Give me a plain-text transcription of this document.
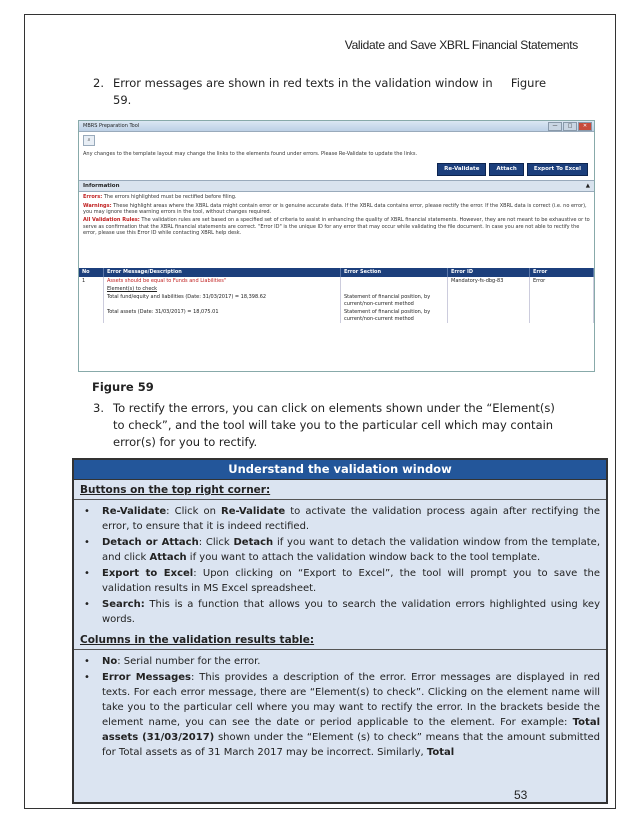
Validate and Save XBRL Financial Statements
2. Error messages are shown in red texts in the validation window in     Figure
59.
MBRS Preparation Tool	—	□	✕
⌕
Any changes to the template layout may change the links to the elements found under errors. Please Re-Validate to update the links.
Re-Validate	Attach	Export To Excel
Information	▲

Errors: The errors highlighted must be rectified before filing.

Warnings: These highlight areas where the XBRL data might contain error or is genuine accurate data. If the XBRL data contains error, please rectify the error. If the XBRL data is correct (i.e. no error), you may ignore these warning errors in the tool, without changes required.

All Validation Rules: The validation rules are set based on a specified set of criteria to assist in enhancing the quality of XBRL financial statements. However, they are not meant to be exhaustive or to serve as confirmation that the XBRL financial statements are correct. "Error ID" is the unique ID for any error that may occur while validating the file document. In case you are not able to rectify the error, please use this Error ID while contacting XBRL help desk.

No	Error Message/Description	Error Section	Error ID	Error
1	Assets should be equal to Funds and Liabilities"		Mandatory-fs-dbg-83	Error
	Element(s) to check			
	Total fund/equity and liabilities (Date: 31/03/2017) = 18,398.62	Statement of financial position, by current/non-current method		
	Total assets (Date: 31/03/2017) = 18,075.01	Statement of financial position, by current/non-current method		
Figure 59
3. To rectify the errors, you can click on elements shown under the “Element(s)
to check”, and the tool will take you to the particular cell which may contain
error(s) for you to rectify.
Understand the validation window
Buttons on the top right corner:
• Re-Validate: Click on Re-Validate to activate the validation process again after rectifying the error, to ensure that it is indeed rectified.
• Detach or Attach: Click Detach if you want to detach the validation window from the template, and click Attach if you want to attach the validation window back to the tool template.
• Export to Excel: Upon clicking on “Export to Excel”, the tool will prompt you to save the validation results in MS Excel spreadsheet.
• Search: This is a function that allows you to search the validation errors highlighted using key words.
Columns in the validation results table:
• No: Serial number for the error.
• Error Messages: This provides a description of the error. Error messages are displayed in red texts. For each error message, there are “Element(s) to check”. Clicking on the element name will take you to the particular cell where you may want to rectify the error. In the brackets beside the element name, you can see the date or period applicable to the element. For example: Total assets (31/03/2017) shown under the “Element (s) to check” means that the amount submitted for Total assets as of 31 March 2017 may be incorrect. Similarly, Total
53
